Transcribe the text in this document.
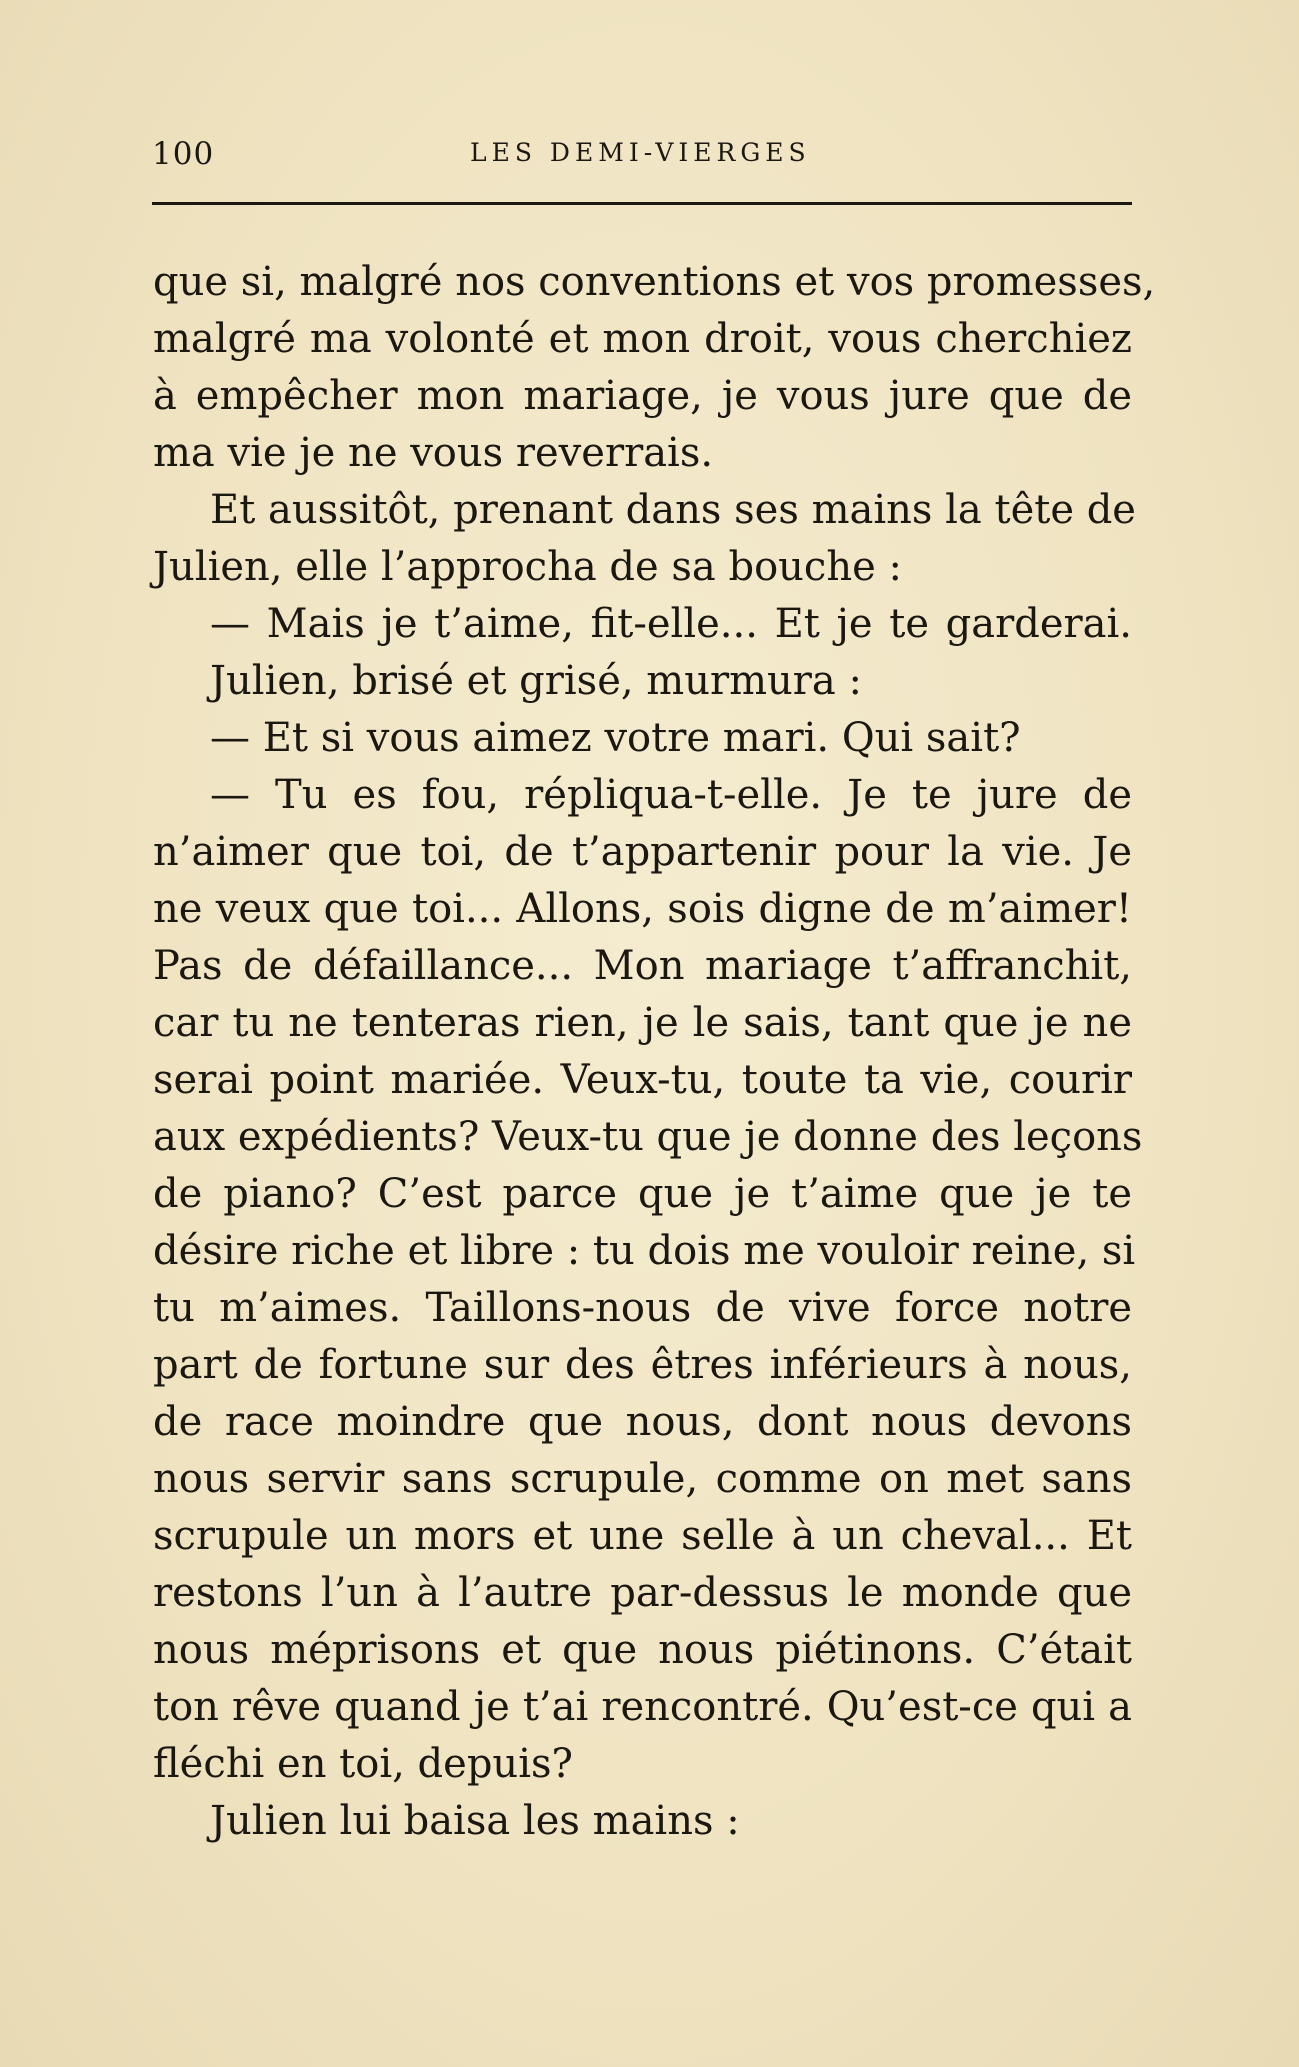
100	LES DEMI-VIERGES
que si, malgré nos conventions et vos promesses,
malgré ma volonté et mon droit, vous cherchiez
à empêcher mon mariage, je vous jure que de
ma vie je ne vous reverrais.
Et aussitôt, prenant dans ses mains la tête de
Julien, elle l’approcha de sa bouche :
— Mais je t’aime, fit-elle... Et je te garderai.
Julien, brisé et grisé, murmura :
— Et si vous aimez votre mari. Qui sait?
— Tu es fou, répliqua-t-elle. Je te jure de
n’aimer que toi, de t’appartenir pour la vie. Je
ne veux que toi... Allons, sois digne de m’aimer!
Pas de défaillance... Mon mariage t’affranchit,
car tu ne tenteras rien, je le sais, tant que je ne
serai point mariée. Veux-tu, toute ta vie, courir
aux expédients? Veux-tu que je donne des leçons
de piano? C’est parce que je t’aime que je te
désire riche et libre : tu dois me vouloir reine, si
tu m’aimes. Taillons-nous de vive force notre
part de fortune sur des êtres inférieurs à nous,
de race moindre que nous, dont nous devons
nous servir sans scrupule, comme on met sans
scrupule un mors et une selle à un cheval... Et
restons l’un à l’autre par-dessus le monde que
nous méprisons et que nous piétinons. C’était
ton rêve quand je t’ai rencontré. Qu’est-ce qui a
fléchi en toi, depuis?
Julien lui baisa les mains :
